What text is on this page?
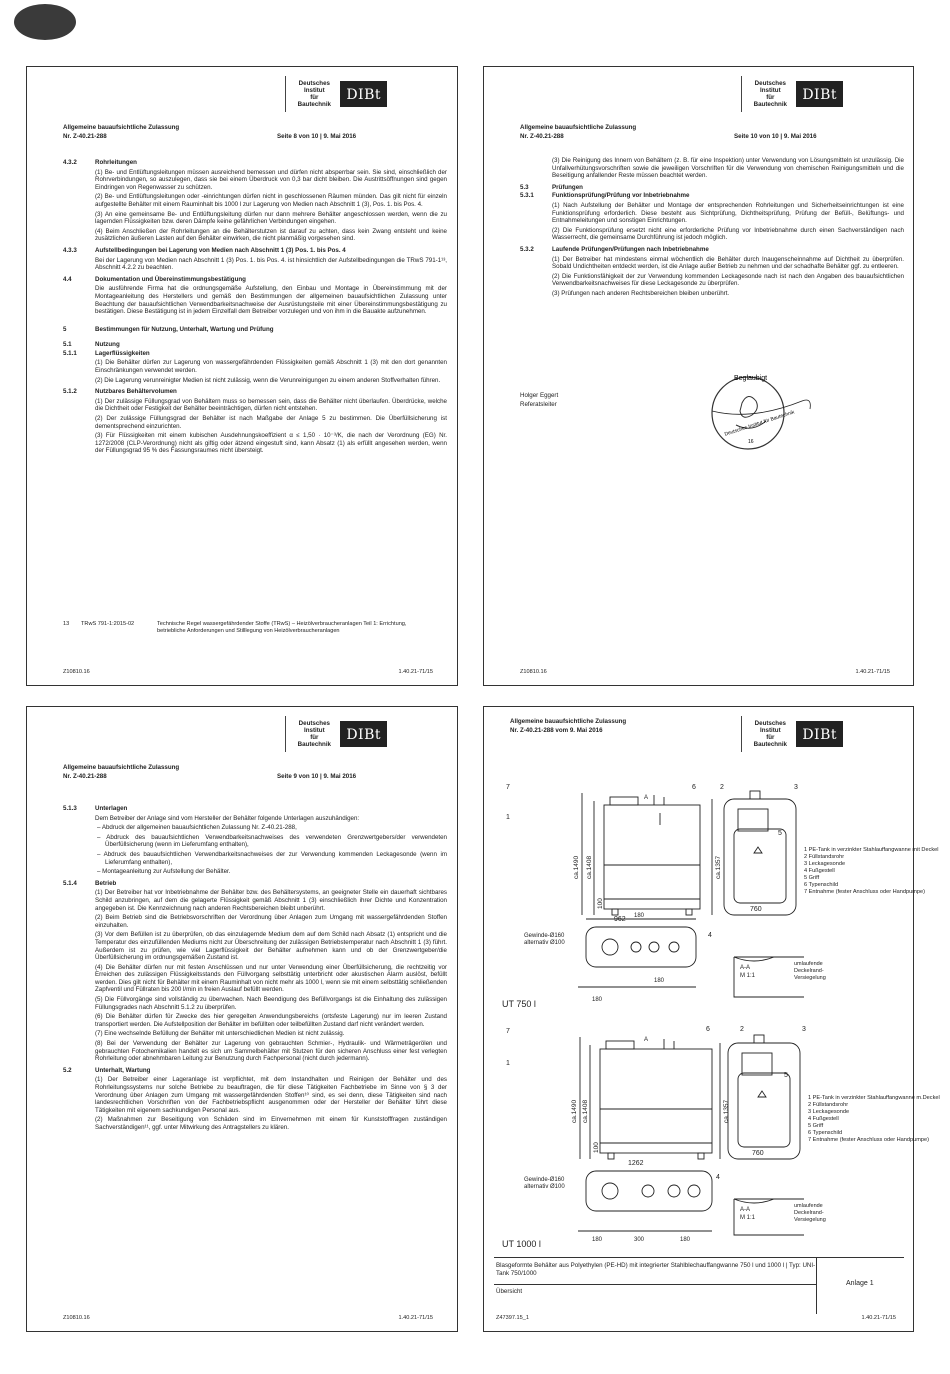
Deutsches
Institut
für
Bautechnik
DIBt
Allgemeine bauaufsichtliche Zulassung
Nr. Z-40.21-288	Seite 8 von 10 | 9. Mai 2016
4.3.2	Rohrleitungen
(1) Be- und Entlüftungsleitungen müssen ausreichend bemessen und dürfen nicht absperrbar sein. Sie sind, einschließlich der Rohrverbindungen, so auszulegen, dass sie bei einem Überdruck von 0,3 bar dicht bleiben. Die Austrittsöffnungen sind gegen Eindringen von Regenwasser zu schützen.
(2) Be- und Entlüftungsleitungen oder -einrichtungen dürfen nicht in geschlossenen Räumen münden. Das gilt nicht für einzeln aufgestellte Behälter mit einem Rauminhalt bis 1000 l zur Lagerung von Medien nach Abschnitt 1 (3), Pos. 1. bis Pos. 4.
(3) An eine gemeinsame Be- und Entlüftungsleitung dürfen nur dann mehrere Behälter angeschlossen werden, wenn die zu lagernden Flüssigkeiten bzw. deren Dämpfe keine gefährlichen Verbindungen eingehen.
(4) Beim Anschließen der Rohrleitungen an die Behälterstutzen ist darauf zu achten, dass kein Zwang entsteht und keine zusätzlichen äußeren Lasten auf den Behälter einwirken, die nicht planmäßig vorgesehen sind.
4.3.3	Aufstellbedingungen bei Lagerung von Medien nach Abschnitt 1 (3) Pos. 1. bis Pos. 4
Bei der Lagerung von Medien nach Abschnitt 1 (3) Pos. 1. bis Pos. 4. ist hinsichtlich der Aufstellbedingungen die TRwS 791-1¹³, Abschnitt 4.2.2 zu beachten.
4.4	Dokumentation und Übereinstimmungsbestätigung
Die ausführende Firma hat die ordnungsgemäße Aufstellung, den Einbau und Montage in Übereinstimmung mit der Montageanleitung des Herstellers und gemäß den Bestimmungen der allgemeinen bauaufsichtlichen Zulassung unter Beachtung der bauaufsichtlichen Verwendbarkeitsnachweise der Ausrüstungsteile mit einer Übereinstimmungsbestätigung zu bestätigen. Diese Bestätigung ist in jedem Einzelfall dem Betreiber vorzulegen und von ihm in die Bauakte aufzunehmen.
5	Bestimmungen für Nutzung, Unterhalt, Wartung und Prüfung
5.1	Nutzung
5.1.1	Lagerflüssigkeiten
(1) Die Behälter dürfen zur Lagerung von wassergefährdenden Flüssigkeiten gemäß Abschnitt 1 (3) mit den dort genannten Einschränkungen verwendet werden.
(2) Die Lagerung verunreinigter Medien ist nicht zulässig, wenn die Verunreinigungen zu einem anderen Stoffverhalten führen.
5.1.2	Nutzbares Behältervolumen
(1) Der zulässige Füllungsgrad von Behältern muss so bemessen sein, dass die Behälter nicht überlaufen. Überdrücke, welche die Dichtheit oder Festigkeit der Behälter beeinträchtigen, dürfen nicht entstehen.
(2) Der zulässige Füllungsgrad der Behälter ist nach Maßgabe der Anlage 5 zu bestimmen. Die Überfüllsicherung ist dementsprechend einzurichten.
(3) Für Flüssigkeiten mit einem kubischen Ausdehnungskoeffizient α ≤ 1,50 · 10⁻³/K, die nach der Verordnung (EG) Nr. 1272/2008 (CLP-Verordnung) nicht als giftig oder ätzend eingestuft sind, kann Absatz (1) als erfüllt angesehen werden, wenn der Füllungsgrad 95 % des Fassungsraumes nicht übersteigt.
13	TRwS 791-1:2015-02	Technische Regel wassergefährdender Stoffe (TRwS) – Heizölverbraucheranlagen Teil 1: Errichtung, betriebliche Anforderungen und Stilllegung von Heizölverbraucheranlagen
Z10810.16	1.40.21-71/15
Deutsches
Institut
für
Bautechnik
DIBt
Allgemeine bauaufsichtliche Zulassung
Nr. Z-40.21-288	Seite 10 von 10 | 9. Mai 2016
(3) Die Reinigung des Innern von Behältern (z. B. für eine Inspektion) unter Verwendung von Lösungsmitteln ist unzulässig. Die Unfallverhütungsvorschriften sowie die jeweiligen Vorschriften für die Verwendung von chemischen Reinigungsmitteln und die Beseitigung anfallender Reste müssen beachtet werden.
5.3	Prüfungen
5.3.1	Funktionsprüfung/Prüfung vor Inbetriebnahme
(1) Nach Aufstellung der Behälter und Montage der entsprechenden Rohrleitungen und Sicherheitseinrichtungen ist eine Funktionsprüfung erforderlich. Diese besteht aus Sichtprüfung, Dichtheitsprüfung, Prüfung der Befüll-, Belüftungs- und Entnahmeleitungen und sonstigen Einrichtungen.
(2) Die Funktionsprüfung ersetzt nicht eine erforderliche Prüfung vor Inbetriebnahme durch einen Sachverständigen nach Wasserrecht, die gemeinsame Durchführung ist jedoch möglich.
5.3.2	Laufende Prüfungen/Prüfungen nach Inbetriebnahme
(1) Der Betreiber hat mindestens einmal wöchentlich die Behälter durch Inaugenscheinnahme auf Dichtheit zu überprüfen. Sobald Undichtheiten entdeckt werden, ist die Anlage außer Betrieb zu nehmen und der schadhafte Behälter ggf. zu entleeren.
(2) Die Funktionsfähigkeit der zur Verwendung kommenden Leckagesonde nach ist nach den Angaben des bauaufsichtlichen Verwendbarkeitsnachweises für diese Leckagesonde zu überprüfen.
(3) Prüfungen nach anderen Rechtsbereichen bleiben unberührt.
Holger Eggert
Referatsleiter
Beglaubigt
Deutsches Institut für Bautechnik
16
Z10810.16	1.40.21-71/15
Deutsches
Institut
für
Bautechnik
DIBt
Allgemeine bauaufsichtliche Zulassung
Nr. Z-40.21-288	Seite 9 von 10 | 9. Mai 2016
5.1.3	Unterlagen
Dem Betreiber der Anlage sind vom Hersteller der Behälter folgende Unterlagen auszuhändigen:
– Abdruck der allgemeinen bauaufsichtlichen Zulassung Nr. Z-40.21-288,
– Abdruck des bauaufsichtlichen Verwendbarkeitsnachweises des verwendeten Grenzwertgebers/der verwendeten Überfüllsicherung (wenn im Lieferumfang enthalten),
– Abdruck des bauaufsichtlichen Verwendbarkeitsnachweises der zur Verwendung kommenden Leckagesonde (wenn im Lieferumfang enthalten),
– Montageanleitung zur Aufstellung der Behälter.
5.1.4	Betrieb
(1) Der Betreiber hat vor Inbetriebnahme der Behälter bzw. des Behältersystems, an geeigneter Stelle ein dauerhaft sichtbares Schild anzubringen, auf dem die gelagerte Flüssigkeit gemäß Abschnitt 1 (3) einschließlich ihrer Dichte und Konzentration angegeben ist. Die Kennzeichnung nach anderen Rechtsbereichen bleibt unberührt.
(2) Beim Betrieb sind die Betriebsvorschriften der Verordnung über Anlagen zum Umgang mit wassergefährdenden Stoffen einzuhalten.
(3) Vor dem Befüllen ist zu überprüfen, ob das einzulagernde Medium dem auf dem Schild nach Absatz (1) entspricht und die Temperatur des einzufüllenden Mediums nicht zur Überschreitung der zulässigen Betriebstemperatur nach Abschnitt 1 (3) führt. Außerdem ist zu prüfen, wie viel Lagerflüssigkeit der Behälter aufnehmen kann und ob der Grenzwertgeber/die Überfüllsicherung im ordnungsgemäßen Zustand ist.
(4) Die Behälter dürfen nur mit festen Anschlüssen und nur unter Verwendung einer Überfüllsicherung, die rechtzeitig vor Erreichen des zulässigen Flüssigkeitsstands den Füllvorgang selbsttätig unterbricht oder akustischen Alarm auslöst, befüllt werden. Dies gilt nicht für Behälter mit einem Rauminhalt von nicht mehr als 1000 l, wenn sie mit einem selbsttätig schließenden Zapfventil und Füllraten bis 200 l/min in freien Auslauf befüllt werden.
(5) Die Füllvorgänge sind vollständig zu überwachen. Nach Beendigung des Befüllvorgangs ist die Einhaltung des zulässigen Füllungsgrades nach Abschnitt 5.1.2 zu überprüfen.
(6) Die Behälter dürfen für Zwecke des hier geregelten Anwendungsbereichs (ortsfeste Lagerung) nur im leeren Zustand transportiert werden. Die Aufstellposition der Behälter im befüllten oder teilbefüllten Zustand darf nicht verändert werden.
(7) Eine wechselnde Befüllung der Behälter mit unterschiedlichen Medien ist nicht zulässig.
(8) Bei der Verwendung der Behälter zur Lagerung von gebrauchten Schmier-, Hydraulik- und Wärmeträgerölen und gebrauchten Fotochemikalien handelt es sich um Sammelbehälter mit Stutzen für den sicheren Anschluss einer fest verlegten Rohrleitung oder abnehmbaren Leitung zur Benutzung durch Fachpersonal (nicht durch jedermann).
5.2	Unterhalt, Wartung
(1) Der Betreiber einer Lageranlage ist verpflichtet, mit dem Instandhalten und Reinigen der Behälter und des Rohrleitungssystems nur solche Betriebe zu beauftragen, die für diese Tätigkeiten Fachbetriebe im Sinne von § 3 der Verordnung über Anlagen zum Umgang mit wassergefährdenden Stoffen¹⁰ sind, es sei denn, diese Tätigkeiten sind nach landesrechtlichen Vorschriften von der Fachbetriebspflicht ausgenommen oder der Hersteller der Behälter führt diese Tätigkeiten mit eigenem sachkundigen Personal aus.
(2) Maßnahmen zur Beseitigung von Schäden sind im Einvernehmen mit einem für Kunststofffragen zuständigen Sachverständigen¹¹, ggf. unter Mitwirkung des Antragstellers zu klären.
Z10810.16	1.40.21-71/15
Allgemeine bauaufsichtliche Zulassung
Nr. Z-40.21-288 vom 9. Mai 2016
Deutsches
Institut
für
Bautechnik
DIBt
962
760
UT 750 l
UT 1000 l
1262
760
Gewinde-Ø160
alternativ Ø100
Gewinde-Ø160
alternativ Ø100
A-A
M 1:1
A-A
M 1:1
180
180
180
180	300	180
A
A
umlaufende
Deckelrand-
Versiegelung
umlaufende
Deckelrand-
Versiegelung
ca.1490 ca.1408	ca.1357
100
ca.1490 ca.1408	ca.1357
100
7
1
6	2	3
5
4
7
1
6	2	3
5
4
1 PE-Tank in verzinkter Stahlauffangwanne mit Deckel
2 Füllstandsrohr
3 Leckagesonde
4 Fußgestell
5 Griff
6 Typenschild
7 Entnahme (fester Anschluss oder Handpumpe)
1 PE-Tank in verzinkter Stahlauffangwanne m.Deckel
2 Füllstandsrohr
3 Leckagesonde
4 Fußgestell
5 Griff
6 Typenschild
7 Entnahme (fester Anschluss oder Handpumpe)
Blasgeformte Behälter aus Polyethylen (PE-HD) mit integrierter Stahlblechauffangwanne 750 l und 1000 l | Typ: UNI-Tank 750/1000
Übersicht
Anlage 1
Z47397.15_1	1.40.21-71/15
